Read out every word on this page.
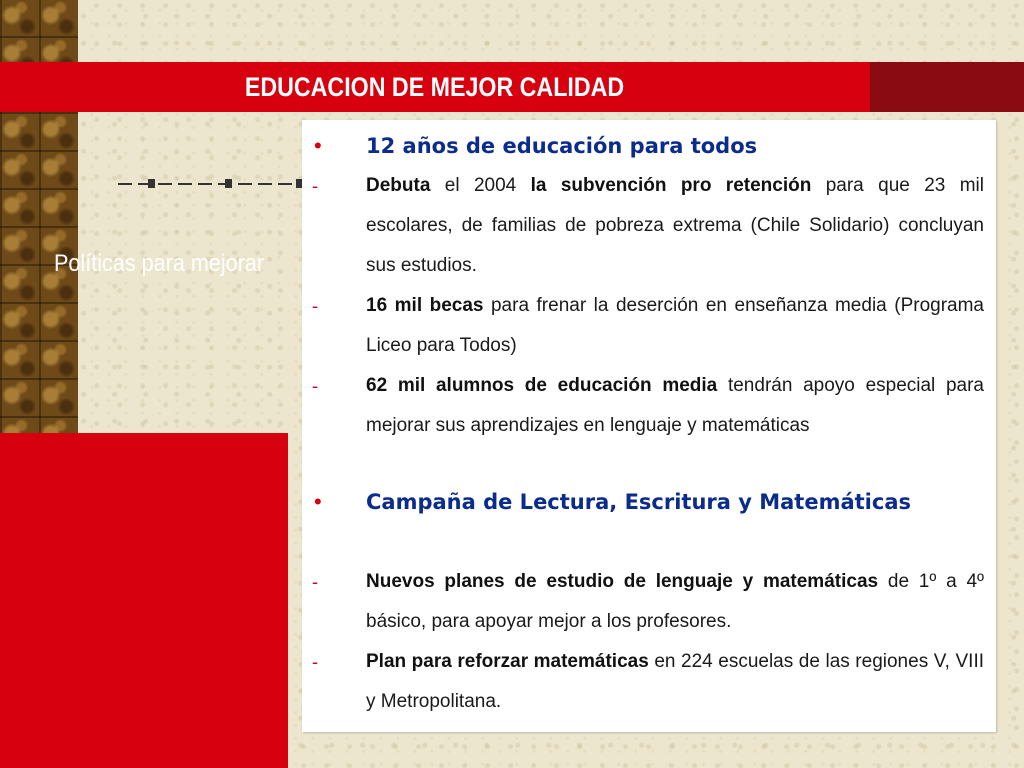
EDUCACION DE MEJOR CALIDAD
Políticas para mejorar
• 12 años de educación para todos
-	Debuta el 2004 la subvención pro retención para que 23 mil escolares, de familias de pobreza extrema (Chile Solidario) concluyan sus estudios.
-	16 mil becas para frenar la deserción en enseñanza media (Programa Liceo para Todos)
-	62 mil alumnos de educación media tendrán apoyo especial para mejorar sus aprendizajes en lenguaje y matemáticas
• Campaña de Lectura, Escritura y Matemáticas
-	Nuevos planes de estudio de lenguaje y matemáticas de 1º a 4º básico, para apoyar mejor a los profesores.
-	Plan para reforzar matemáticas en 224 escuelas de las regiones V, VIII y Metropolitana.
